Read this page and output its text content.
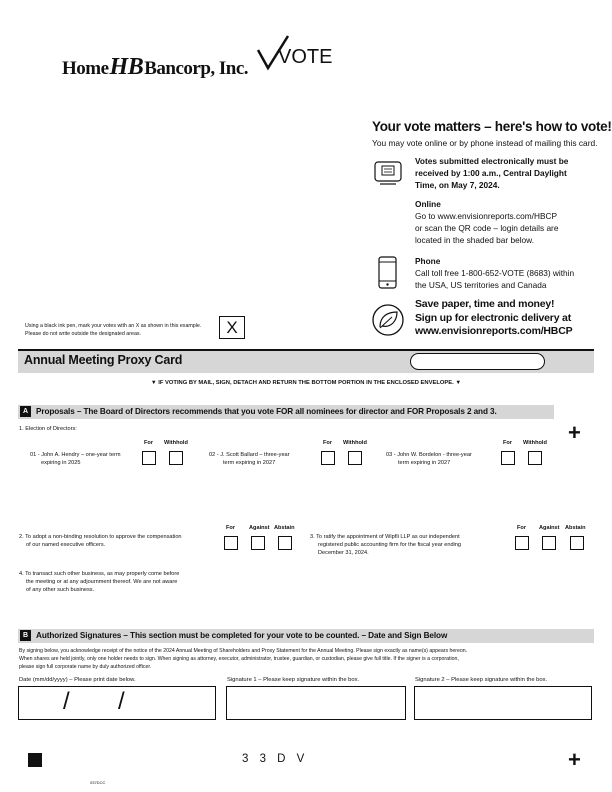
HomeHBBancorp, Inc.
VOTE
Your vote matters – here's how to vote!
You may vote online or by phone instead of mailing this card.
Votes submitted electronically must be
received by 1:00 a.m., Central Daylight
Time, on May 7, 2024.
Online
Go to www.envisionreports.com/HBCP
or scan the QR code – login details are
located in the shaded bar below.
Phone
Call toll free 1-800-652-VOTE (8683) within
the USA, US territories and Canada
Save paper, time and money!
Sign up for electronic delivery at
www.envisionreports.com/HBCP
Using a black ink pen, mark your votes with an X as shown in this example.
Please do not write outside the designated areas.	X
Annual Meeting Proxy Card
▼ IF VOTING BY MAIL, SIGN, DETACH AND RETURN THE BOTTOM PORTION IN THE ENCLOSED ENVELOPE. ▼
A Proposals – The Board of Directors recommends that you vote FOR all nominees for director and FOR Proposals 2 and 3.
+
1. Election of Directors:
For Withhold
01 - John A. Hendry – one-year term
expiring in 2025
For Withhold
02 - J. Scott Ballard – three-year
term expiring in 2027
For Withhold
03 - John W. Bordelon - three-year
term expiring in 2027
For Against Abstain
2. To adopt a non-binding resolution to approve the compensation
of our named executive officers.
For Against Abstain
3. To ratify the appointment of Wipfli LLP as our independent
registered public accounting firm for the fiscal year ending
December 31, 2024.
4. To transact such other business, as may properly come before
the meeting or at any adjournment thereof. We are not aware
of any other such business.
B Authorized Signatures – This section must be completed for your vote to be counted. – Date and Sign Below
By signing below, you acknowledge receipt of the notice of the 2024 Annual Meeting of Shareholders and Proxy Statement for the Annual Meeting. Please sign exactly as name(s) appears hereon.
When shares are held jointly, only one holder needs to sign. When signing as attorney, executor, administrator, trustee, guardian, or custodian, please give full title. If the signer is a corporation,
please sign full corporate name by duly authorized officer.
Date (mm/dd/yyyy) – Please print date below.	Signature 1 – Please keep signature within the box.	Signature 2 – Please keep signature within the box.
/ /
3 3 D V	+
037DCC
